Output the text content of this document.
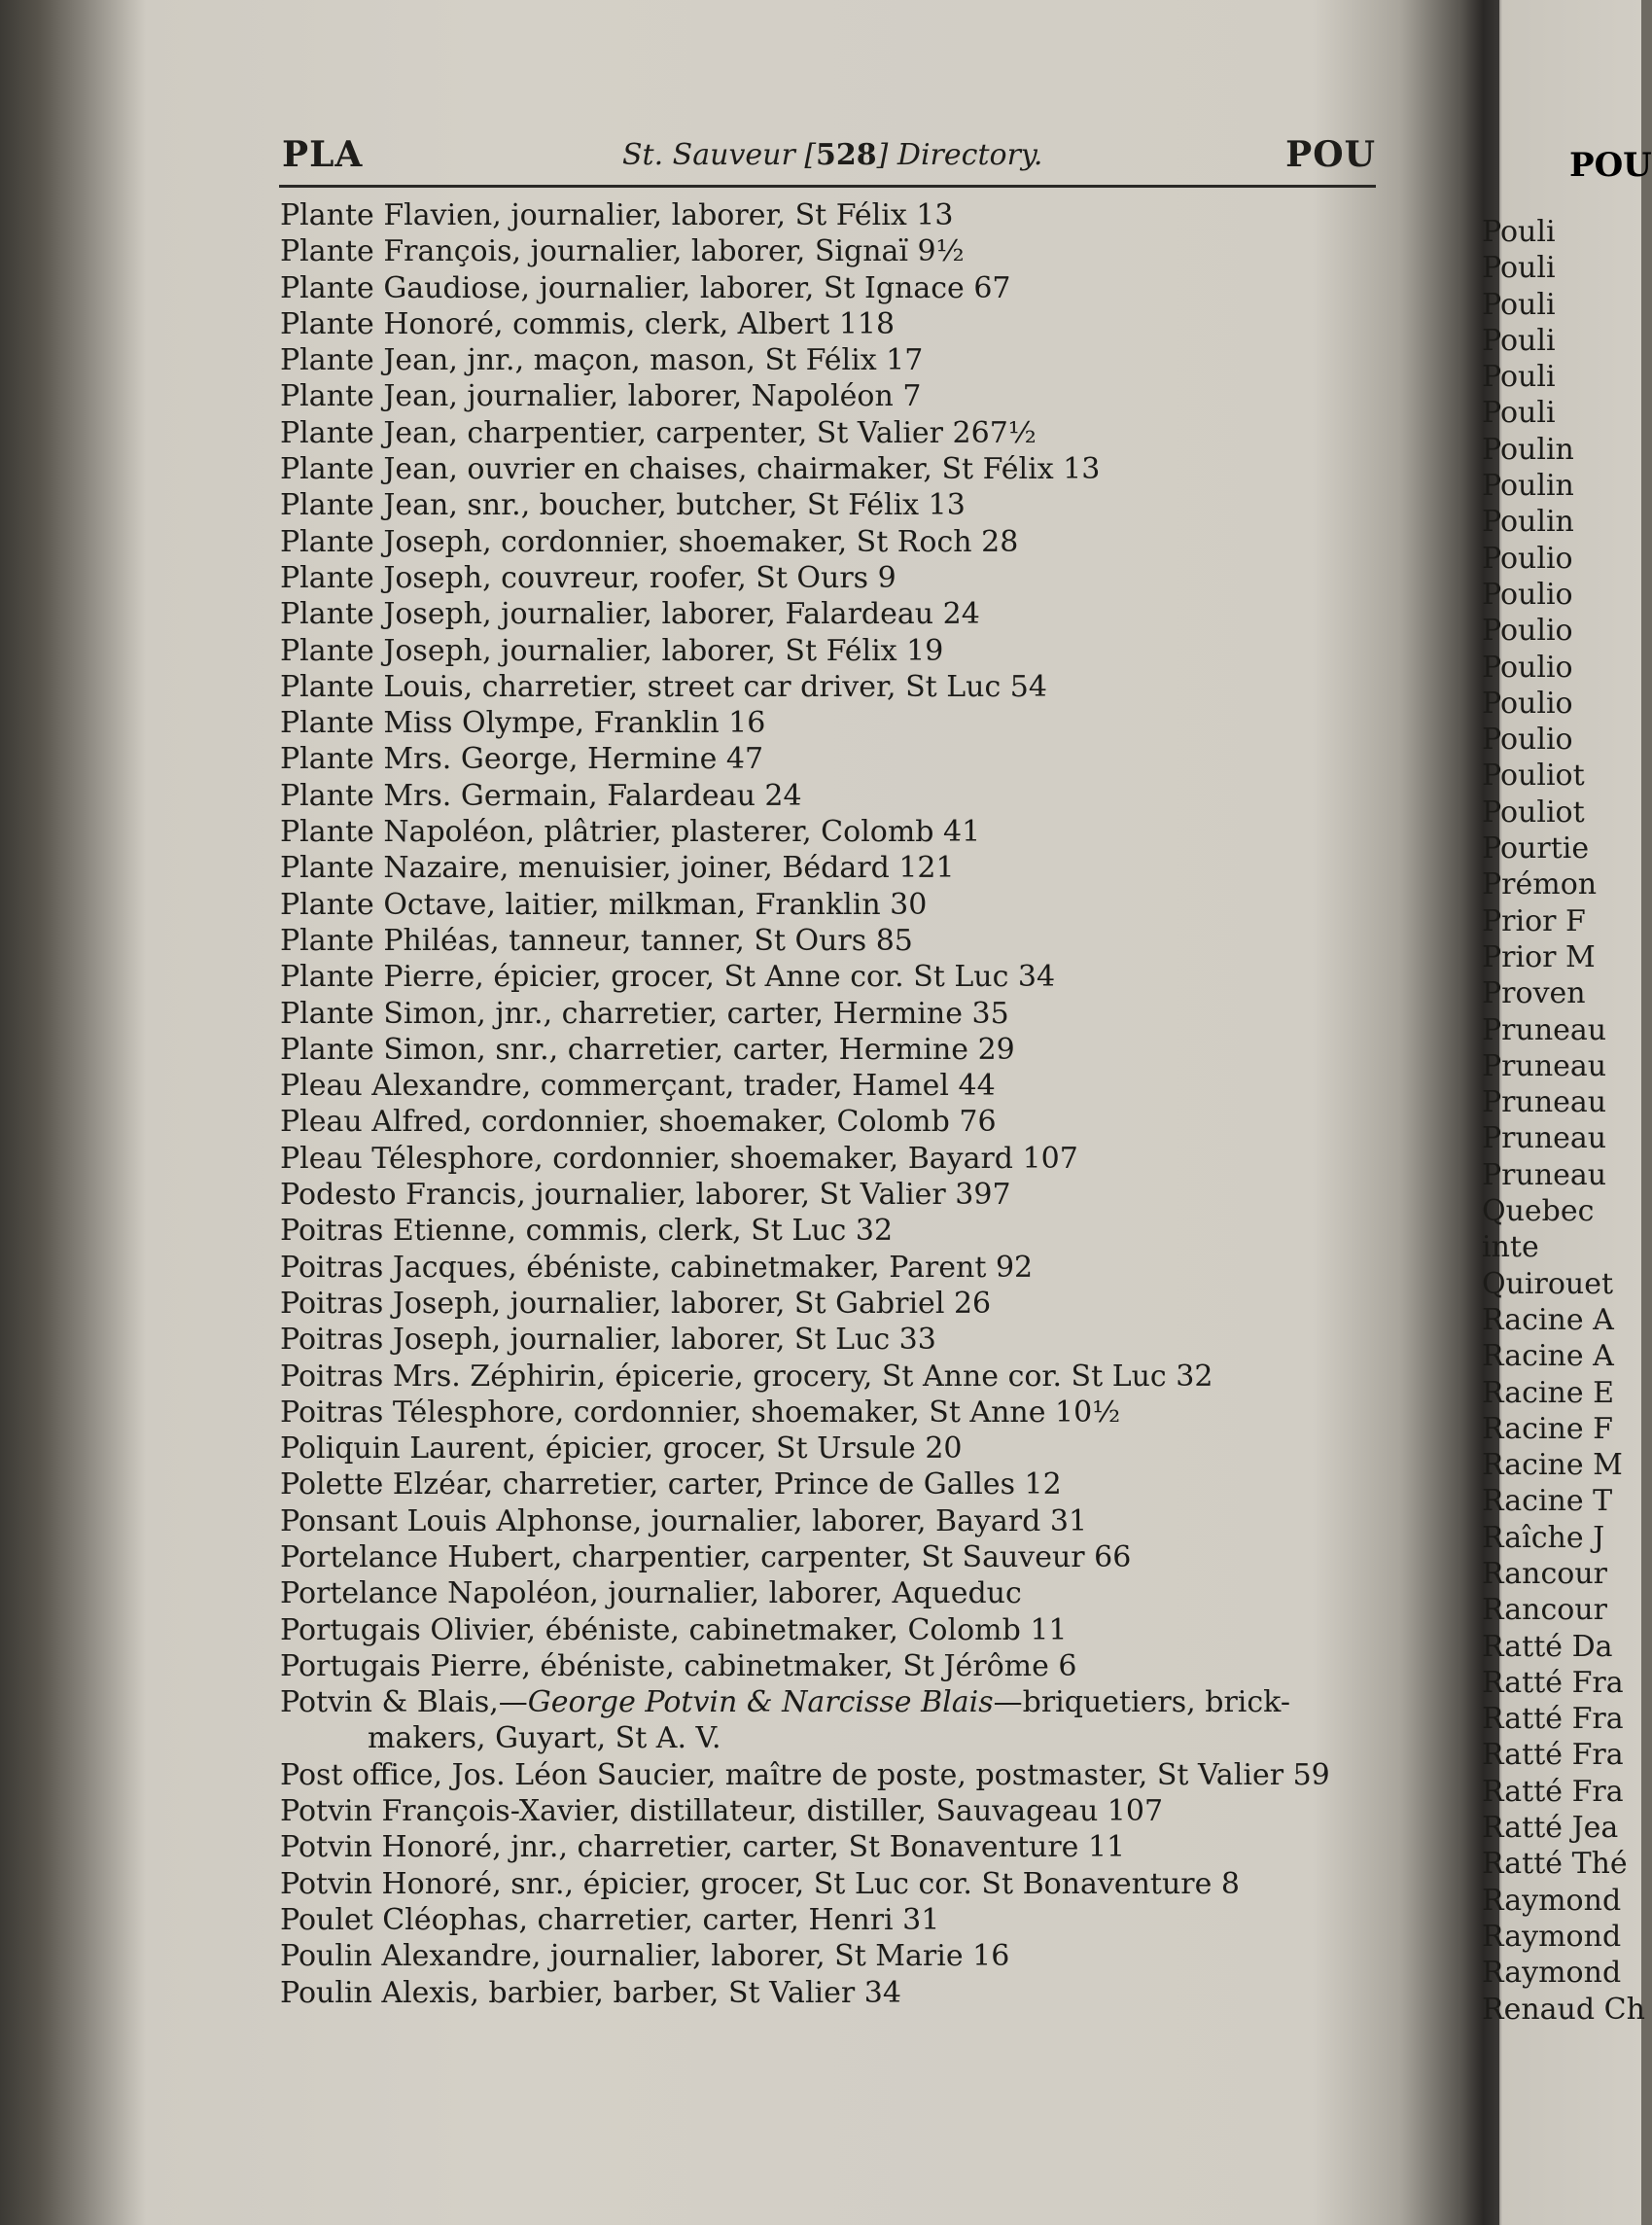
PLA	St. Sauveur [528] Directory.	POU
Plante Flavien, journalier, laborer, St Félix 13
Plante François, journalier, laborer, Signaï 9½
Plante Gaudiose, journalier, laborer, St Ignace 67
Plante Honoré, commis, clerk, Albert 118
Plante Jean, jnr., maçon, mason, St Félix 17
Plante Jean, journalier, laborer, Napoléon 7
Plante Jean, charpentier, carpenter, St Valier 267½
Plante Jean, ouvrier en chaises, chairmaker, St Félix 13
Plante Jean, snr., boucher, butcher, St Félix 13
Plante Joseph, cordonnier, shoemaker, St Roch 28
Plante Joseph, couvreur, roofer, St Ours 9
Plante Joseph, journalier, laborer, Falardeau 24
Plante Joseph, journalier, laborer, St Félix 19
Plante Louis, charretier, street car driver, St Luc 54
Plante Miss Olympe, Franklin 16
Plante Mrs. George, Hermine 47
Plante Mrs. Germain, Falardeau 24
Plante Napoléon, plâtrier, plasterer, Colomb 41
Plante Nazaire, menuisier, joiner, Bédard 121
Plante Octave, laitier, milkman, Franklin 30
Plante Philéas, tanneur, tanner, St Ours 85
Plante Pierre, épicier, grocer, St Anne cor. St Luc 34
Plante Simon, jnr., charretier, carter, Hermine 35
Plante Simon, snr., charretier, carter, Hermine 29
Pleau Alexandre, commerçant, trader, Hamel 44
Pleau Alfred, cordonnier, shoemaker, Colomb 76
Pleau Télesphore, cordonnier, shoemaker, Bayard 107
Podesto Francis, journalier, laborer, St Valier 397
Poitras Etienne, commis, clerk, St Luc 32
Poitras Jacques, ébéniste, cabinetmaker, Parent 92
Poitras Joseph, journalier, laborer, St Gabriel 26
Poitras Joseph, journalier, laborer, St Luc 33
Poitras Mrs. Zéphirin, épicerie, grocery, St Anne cor. St Luc 32
Poitras Télesphore, cordonnier, shoemaker, St Anne 10½
Poliquin Laurent, épicier, grocer, St Ursule 20
Polette Elzéar, charretier, carter, Prince de Galles 12
Ponsant Louis Alphonse, journalier, laborer, Bayard 31
Portelance Hubert, charpentier, carpenter, St Sauveur 66
Portelance Napoléon, journalier, laborer, Aqueduc
Portugais Olivier, ébéniste, cabinetmaker, Colomb 11
Portugais Pierre, ébéniste, cabinetmaker, St Jérôme 6
Potvin & Blais,—George Potvin & Narcisse Blais—briquetiers, brick-
makers, Guyart, St A. V.
Post office, Jos. Léon Saucier, maître de poste, postmaster, St Valier 59
Potvin François-Xavier, distillateur, distiller, Sauvageau 107
Potvin Honoré, jnr., charretier, carter, St Bonaventure 11
Potvin Honoré, snr., épicier, grocer, St Luc cor. St Bonaventure 8
Poulet Cléophas, charretier, carter, Henri 31
Poulin Alexandre, journalier, laborer, St Marie 16
Poulin Alexis, barbier, barber, St Valier 34
POU
Pouli
Pouli
Pouli
Pouli
Pouli
Pouli
Poulin
Poulin
Poulin
Poulio
Poulio
Poulio
Poulio
Poulio
Poulio
Pouliot
Pouliot
Pourtie
Prémon
Prior F
Prior M
Proven
Pruneau
Pruneau
Pruneau
Pruneau
Pruneau
Quebec
inte
Quirouet
Racine A
Racine A
Racine E
Racine F
Racine M
Racine T
Raîche J
Rancour
Rancour
Ratté Da
Ratté Fra
Ratté Fra
Ratté Fra
Ratté Fra
Ratté Jea
Ratté Thé
Raymond
Raymond
Raymond
Renaud Ch
